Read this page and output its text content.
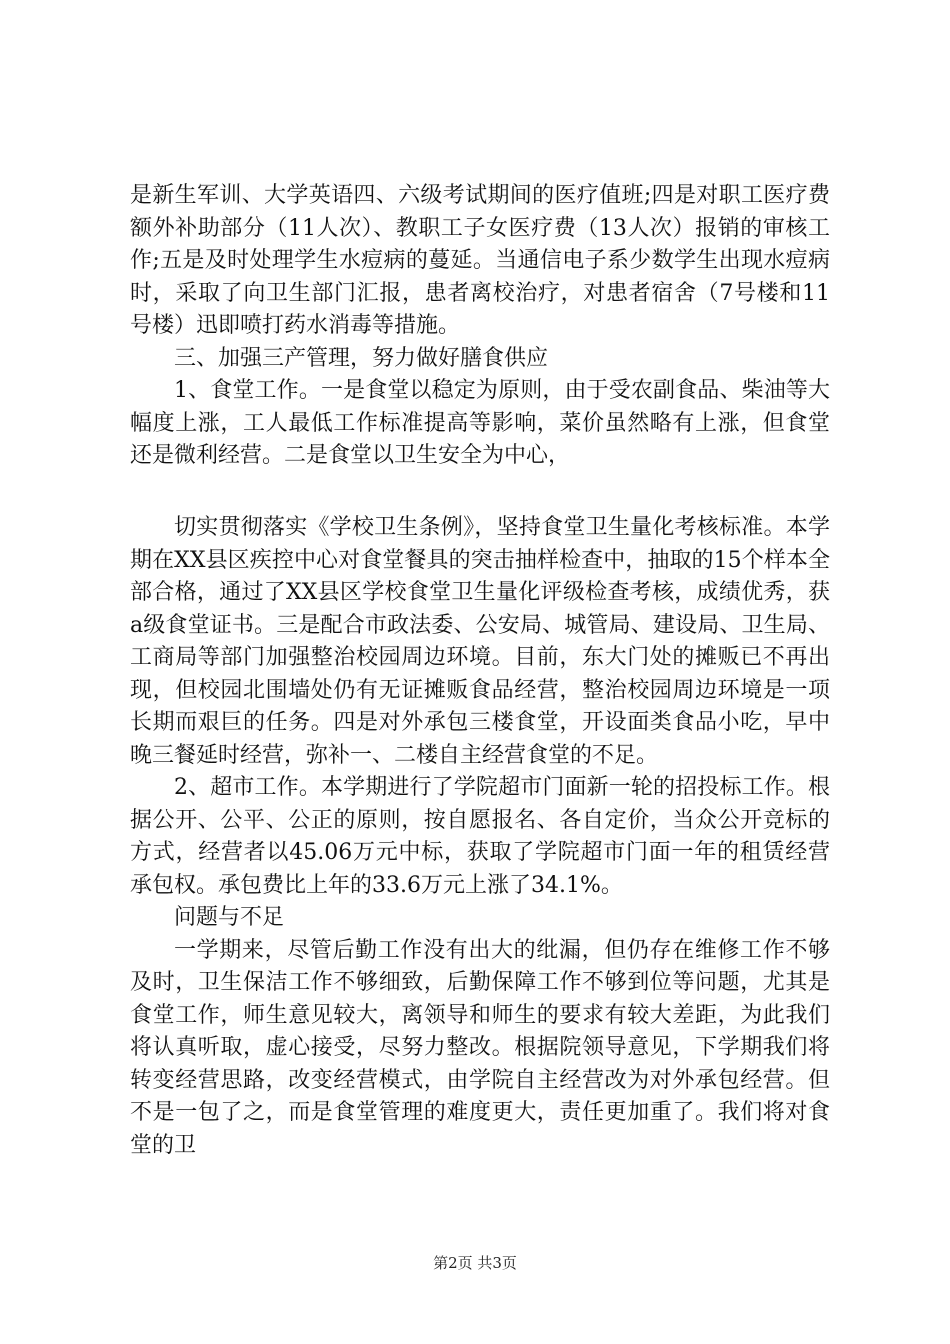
是新生军训、大学英语四、六级考试期间的医疗值班;四是对职工医疗费额外补助部分（11人次）、教职工子女医疗费（13人次）报销的审核工作;五是及时处理学生水痘病的蔓延。当通信电子系少数学生出现水痘病时，采取了向卫生部门汇报，患者离校治疗，对患者宿舍（7号楼和11号楼）迅即喷打药水消毒等措施。

三、加强三产管理，努力做好膳食供应

1、食堂工作。一是食堂以稳定为原则，由于受农副食品、柴油等大幅度上涨，工人最低工作标准提高等影响，菜价虽然略有上涨，但食堂还是微利经营。二是食堂以卫生安全为中心，

切实贯彻落实《学校卫生条例》，坚持食堂卫生量化考核标准。本学期在XX县区疾控中心对食堂餐具的突击抽样检查中，抽取的15个样本全部合格，通过了XX县区学校食堂卫生量化评级检查考核，成绩优秀，获a级食堂证书。三是配合市政法委、公安局、城管局、建设局、卫生局、工商局等部门加强整治校园周边环境。目前，东大门处的摊贩已不再出现，但校园北围墙处仍有无证摊贩食品经营，整治校园周边环境是一项长期而艰巨的任务。四是对外承包三楼食堂，开设面类食品小吃，早中晚三餐延时经营，弥补一、二楼自主经营食堂的不足。

2、超市工作。本学期进行了学院超市门面新一轮的招投标工作。根据公开、公平、公正的原则，按自愿报名、各自定价，当众公开竞标的方式，经营者以45.06万元中标，获取了学院超市门面一年的租赁经营承包权。承包费比上年的33.6万元上涨了34.1%。

问题与不足

一学期来，尽管后勤工作没有出大的纰漏，但仍存在维修工作不够及时，卫生保洁工作不够细致，后勤保障工作不够到位等问题，尤其是食堂工作，师生意见较大，离领导和师生的要求有较大差距，为此我们将认真听取，虚心接受，尽努力整改。根据院领导意见，下学期我们将转变经营思路，改变经营模式，由学院自主经营改为对外承包经营。但不是一包了之，而是食堂管理的难度更大，责任更加重了。我们将对食堂的卫

第2页 共3页
